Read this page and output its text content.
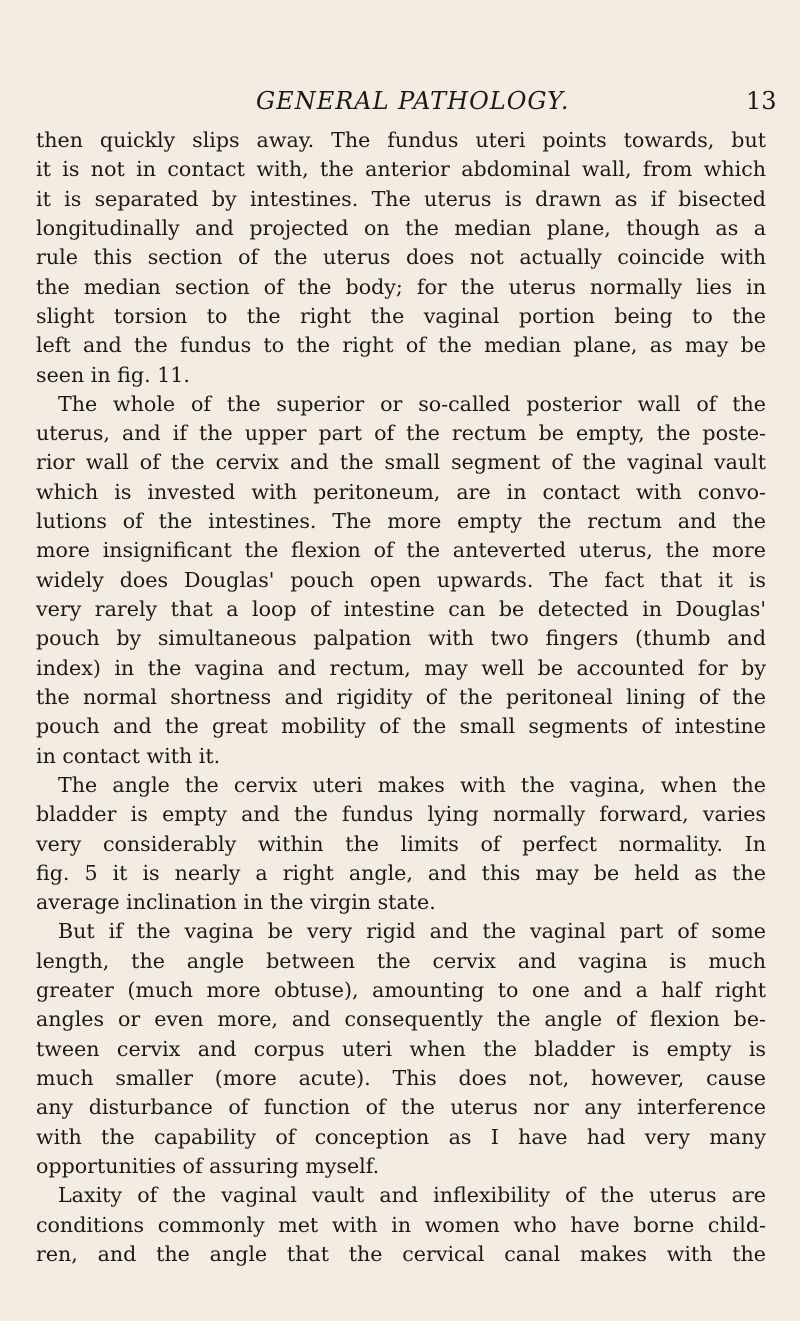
GENERAL PATHOLOGY.	13
then quickly slips away. The fundus uteri points towards, but
it is not in contact with, the anterior abdominal wall, from which
it is separated by intestines. The uterus is drawn as if bisected
longitudinally and projected on the median plane, though as a
rule this section of the uterus does not actually coincide with
the median section of the body; for the uterus normally lies in
slight torsion to the right the vaginal portion being to the
left and the fundus to the right of the median plane, as may be
seen in fig. 11.
The whole of the superior or so-called posterior wall of the
uterus, and if the upper part of the rectum be empty, the poste-
rior wall of the cervix and the small segment of the vaginal vault
which is invested with peritoneum, are in contact with convo-
lutions of the intestines. The more empty the rectum and the
more insignificant the flexion of the anteverted uterus, the more
widely does Douglas' pouch open upwards. The fact that it is
very rarely that a loop of intestine can be detected in Douglas'
pouch by simultaneous palpation with two fingers (thumb and
index) in the vagina and rectum, may well be accounted for by
the normal shortness and rigidity of the peritoneal lining of the
pouch and the great mobility of the small segments of intestine
in contact with it.
The angle the cervix uteri makes with the vagina, when the
bladder is empty and the fundus lying normally forward, varies
very considerably within the limits of perfect normality. In
fig. 5 it is nearly a right angle, and this may be held as the
average inclination in the virgin state.
But if the vagina be very rigid and the vaginal part of some
length, the angle between the cervix and vagina is much
greater (much more obtuse), amounting to one and a half right
angles or even more, and consequently the angle of flexion be-
tween cervix and corpus uteri when the bladder is empty is
much smaller (more acute). This does not, however, cause
any disturbance of function of the uterus nor any interference
with the capability of conception as I have had very many
opportunities of assuring myself.
Laxity of the vaginal vault and inflexibility of the uterus are
conditions commonly met with in women who have borne child-
ren, and the angle that the cervical canal makes with the
